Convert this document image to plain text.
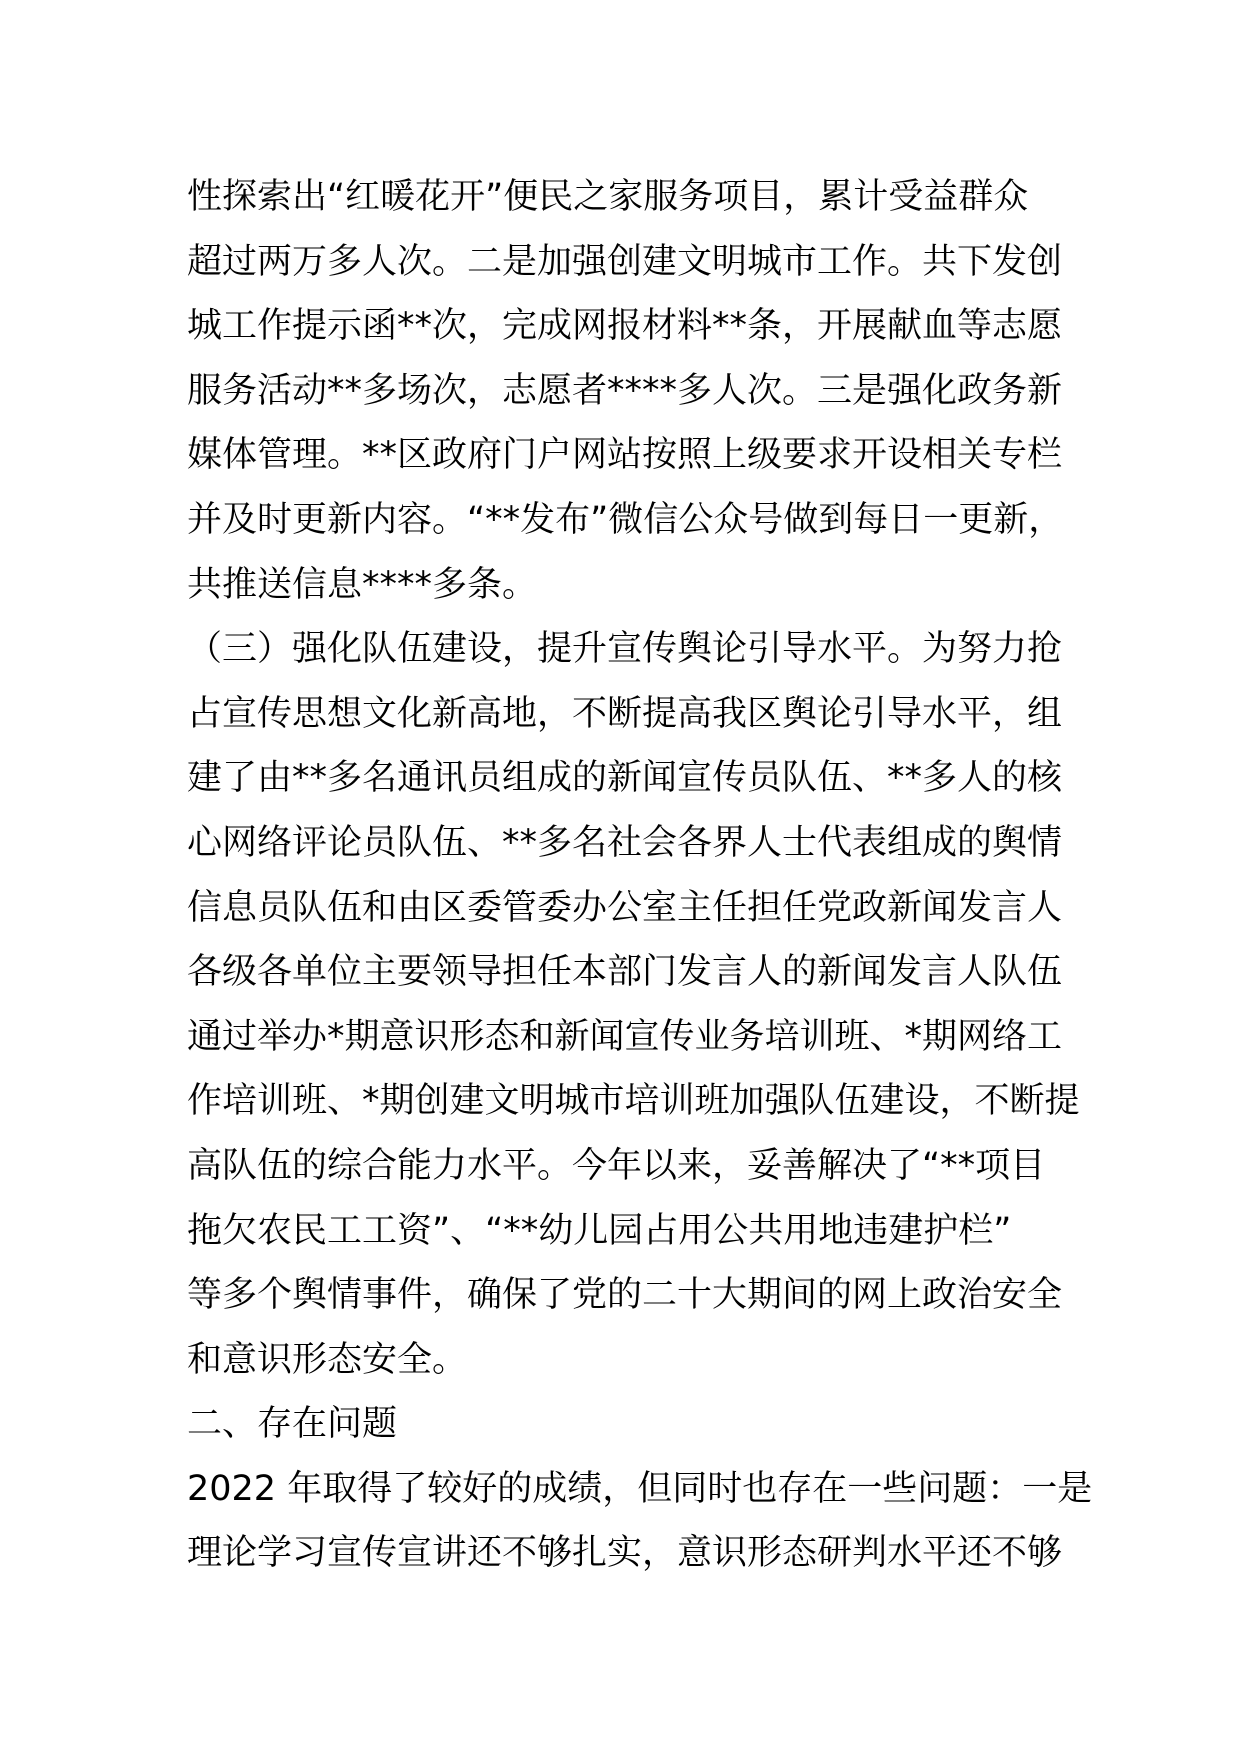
性探索出“红暖花开”便民之家服务项目，累计受益群众
超过两万多人次。二是加强创建文明城市工作。共下发创
城工作提示函**次，完成网报材料**条，开展献血等志愿
服务活动**多场次，志愿者****多人次。三是强化政务新
媒体管理。**区政府门户网站按照上级要求开设相关专栏
并及时更新内容。“**发布”微信公众号做到每日一更新，
共推送信息****多条。
（三）强化队伍建设，提升宣传舆论引导水平。为努力抢
占宣传思想文化新高地，不断提高我区舆论引导水平，组
建了由**多名通讯员组成的新闻宣传员队伍、**多人的核
心网络评论员队伍、**多名社会各界人士代表组成的舆情
信息员队伍和由区委管委办公室主任担任党政新闻发言人
各级各单位主要领导担任本部门发言人的新闻发言人队伍
通过举办*期意识形态和新闻宣传业务培训班、*期网络工
作培训班、*期创建文明城市培训班加强队伍建设，不断提
高队伍的综合能力水平。今年以来，妥善解决了“**项目
拖欠农民工工资”、“**幼儿园占用公共用地违建护栏”
等多个舆情事件，确保了党的二十大期间的网上政治安全
和意识形态安全。
二、存在问题
2022 年取得了较好的成绩，但同时也存在一些问题：一是
理论学习宣传宣讲还不够扎实，意识形态研判水平还不够
